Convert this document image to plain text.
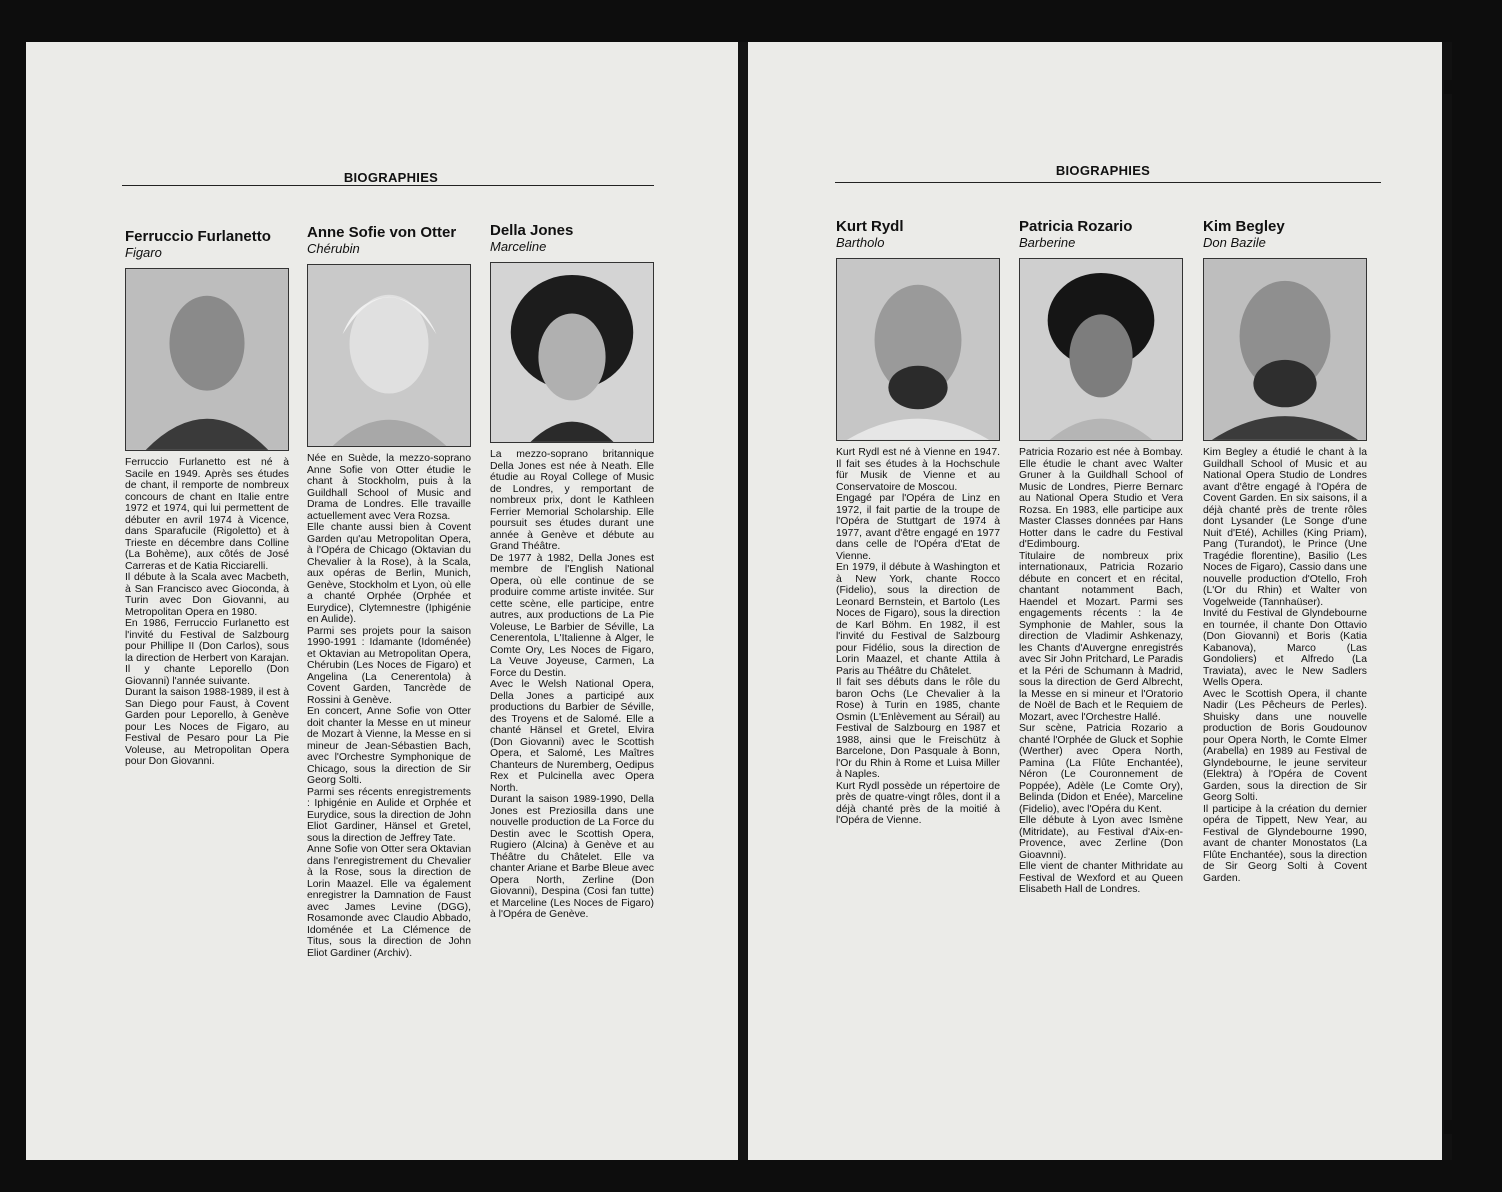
BIOGRAPHIES
Ferruccio Furlanetto
Figaro

Ferruccio Furlanetto est né à Sacile en 1949. Après ses études de chant, il remporte de nombreux concours de chant en Italie entre 1972 et 1974, qui lui permettent de débuter en avril 1974 à Vicence, dans Sparafucile (Rigoletto) et à Trieste en décembre dans Colline (La Bohème), aux côtés de José Carreras et de Katia Ricciarelli.

Il débute à la Scala avec Macbeth, à San Francisco avec Gioconda, à Turin avec Don Giovanni, au Metropolitan Opera en 1980.

En 1986, Ferruccio Furlanetto est l'invité du Festival de Salzbourg pour Phillipe II (Don Carlos), sous la direction de Herbert von Karajan. Il y chante Leporello (Don Giovanni) l'année suivante.

Durant la saison 1988-1989, il est à San Diego pour Faust, à Covent Garden pour Leporello, à Genève pour Les Noces de Figaro, au Festival de Pesaro pour La Pie Voleuse, au Metropolitan Opera pour Don Giovanni.

Anne Sofie von Otter
Chérubin

Née en Suède, la mezzo-soprano Anne Sofie von Otter étudie le chant à Stockholm, puis à la Guildhall School of Music and Drama de Londres. Elle travaille actuellement avec Vera Rozsa.

Elle chante aussi bien à Covent Garden qu'au Metropolitan Opera, à l'Opéra de Chicago (Oktavian du Chevalier à la Rose), à la Scala, aux opéras de Berlin, Munich, Genève, Stockholm et Lyon, où elle a chanté Orphée (Orphée et Eurydice), Clytemnestre (Iphigénie en Aulide).

Parmi ses projets pour la saison 1990-1991 : Idamante (Idoménée) et Oktavian au Metropolitan Opera, Chérubin (Les Noces de Figaro) et Angelina (La Cenerentola) à Covent Garden, Tancrède de Rossini à Genève.

En concert, Anne Sofie von Otter doit chanter la Messe en ut mineur de Mozart à Vienne, la Messe en si mineur de Jean-Sébastien Bach, avec l'Orchestre Symphonique de Chicago, sous la direction de Sir Georg Solti.

Parmi ses récents enregistrements : Iphigénie en Aulide et Orphée et Eurydice, sous la direction de John Eliot Gardiner, Hänsel et Gretel, sous la direction de Jeffrey Tate.

Anne Sofie von Otter sera Oktavian dans l'enregistrement du Chevalier à la Rose, sous la direction de Lorin Maazel. Elle va également enregistrer la Damnation de Faust avec James Levine (DGG), Rosamonde avec Claudio Abbado, Idoménée et La Clémence de Titus, sous la direction de John Eliot Gardiner (Archiv).

Della Jones
Marceline

La mezzo-soprano britannique Della Jones est née à Neath. Elle étudie au Royal College of Music de Londres, y remportant de nombreux prix, dont le Kathleen Ferrier Memorial Scholarship. Elle poursuit ses études durant une année à Genève et débute au Grand Théâtre.

De 1977 à 1982, Della Jones est membre de l'English National Opera, où elle continue de se produire comme artiste invitée. Sur cette scène, elle participe, entre autres, aux productions de La Pie Voleuse, Le Barbier de Séville, La Cenerentola, L'Italienne à Alger, le Comte Ory, Les Noces de Figaro, La Veuve Joyeuse, Carmen, La Force du Destin.

Avec le Welsh National Opera, Della Jones a participé aux productions du Barbier de Séville, des Troyens et de Salomé. Elle a chanté Hänsel et Gretel, Elvira (Don Giovanni) avec le Scottish Opera, et Salomé, Les Maîtres Chanteurs de Nuremberg, Oedipus Rex et Pulcinella avec Opera North.

Durant la saison 1989-1990, Della Jones est Preziosilla dans une nouvelle production de La Force du Destin avec le Scottish Opera, Rugiero (Alcina) à Genève et au Théâtre du Châtelet. Elle va chanter Ariane et Barbe Bleue avec Opera North, Zerline (Don Giovanni), Despina (Cosi fan tutte) et Marceline (Les Noces de Figaro) à l'Opéra de Genève.

BIOGRAPHIES
Kurt Rydl
Bartholo

Kurt Rydl est né à Vienne en 1947. Il fait ses études à la Hochschule für Musik de Vienne et au Conservatoire de Moscou.

Engagé par l'Opéra de Linz en 1972, il fait partie de la troupe de l'Opéra de Stuttgart de 1974 à 1977, avant d'être engagé en 1977 dans celle de l'Opéra d'Etat de Vienne.

En 1979, il débute à Washington et à New York, chante Rocco (Fidelio), sous la direction de Leonard Bernstein, et Bartolo (Les Noces de Figaro), sous la direction de Karl Böhm. En 1982, il est l'invité du Festival de Salzbourg pour Fidélio, sous la direction de Lorin Maazel, et chante Attila à Paris au Théâtre du Châtelet.

Il fait ses débuts dans le rôle du baron Ochs (Le Chevalier à la Rose) à Turin en 1985, chante Osmin (L'Enlèvement au Sérail) au Festival de Salzbourg en 1987 et 1988, ainsi que le Freischütz à Barcelone, Don Pasquale à Bonn, l'Or du Rhin à Rome et Luisa Miller à Naples.

Kurt Rydl possède un répertoire de près de quatre-vingt rôles, dont il a déjà chanté près de la moitié à l'Opéra de Vienne.

Patricia Rozario
Barberine

Patricia Rozario est née à Bombay. Elle étudie le chant avec Walter Gruner à la Guildhall School of Music de Londres, Pierre Bernarc au National Opera Studio et Vera Rozsa. En 1983, elle participe aux Master Classes données par Hans Hotter dans le cadre du Festival d'Edimbourg.

Titulaire de nombreux prix internationaux, Patricia Rozario débute en concert et en récital, chantant notamment Bach, Haendel et Mozart. Parmi ses engagements récents : la 4e Symphonie de Mahler, sous la direction de Vladimir Ashkenazy, les Chants d'Auvergne enregistrés avec Sir John Pritchard, Le Paradis et la Péri de Schumann à Madrid, sous la direction de Gerd Albrecht, la Messe en si mineur et l'Oratorio de Noël de Bach et le Requiem de Mozart, avec l'Orchestre Hallé.

Sur scène, Patricia Rozario a chanté l'Orphée de Gluck et Sophie (Werther) avec Opera North, Pamina (La Flûte Enchantée), Néron (Le Couronnement de Poppée), Adèle (Le Comte Ory), Belinda (Didon et Enée), Marceline (Fidelio), avec l'Opéra du Kent.

Elle débute à Lyon avec Ismène (Mitridate), au Festival d'Aix-en-Provence, avec Zerline (Don Gioavnni).

Elle vient de chanter Mithridate au Festival de Wexford et au Queen Elisabeth Hall de Londres.

Kim Begley
Don Bazile

Kim Begley a étudié le chant à la Guildhall School of Music et au National Opera Studio de Londres avant d'être engagé à l'Opéra de Covent Garden. En six saisons, il a déjà chanté près de trente rôles dont Lysander (Le Songe d'une Nuit d'Eté), Achilles (King Priam), Pang (Turandot), le Prince (Une Tragédie florentine), Basilio (Les Noces de Figaro), Cassio dans une nouvelle production d'Otello, Froh (L'Or du Rhin) et Walter von Vogelweide (Tannhaüser).

Invité du Festival de Glyndebourne en tournée, il chante Don Ottavio (Don Giovanni) et Boris (Katia Kabanova), Marco (Las Gondoliers) et Alfredo (La Traviata), avec le New Sadlers Wells Opera.

Avec le Scottish Opera, il chante Nadir (Les Pêcheurs de Perles). Shuisky dans une nouvelle production de Boris Goudounov pour Opera North, le Comte Elmer (Arabella) en 1989 au Festival de Glyndebourne, le jeune serviteur (Elektra) à l'Opéra de Covent Garden, sous la direction de Sir Georg Solti.

Il participe à la création du dernier opéra de Tippett, New Year, au Festival de Glyndebourne 1990, avant de chanter Monostatos (La Flûte Enchantée), sous la direction de Sir Georg Solti à Covent Garden.
